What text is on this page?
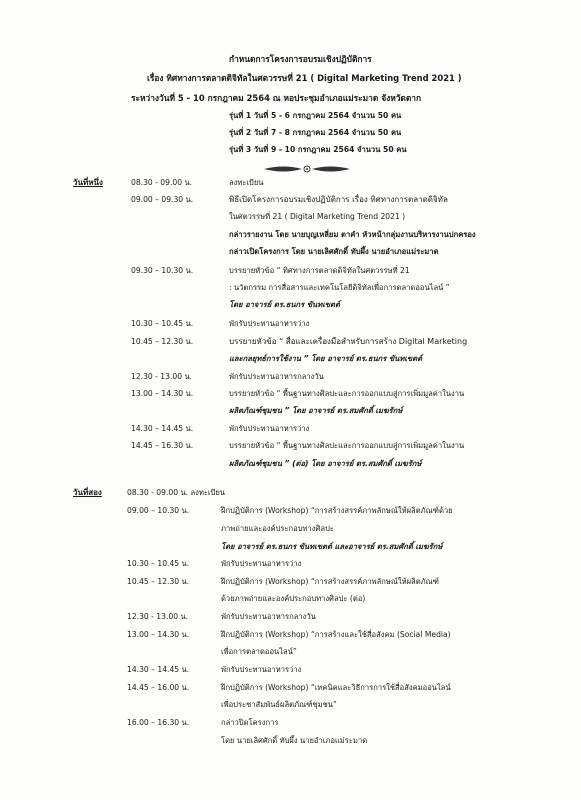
กำหนดการโครงการอบรมเชิงปฏิบัติการ
เรื่อง ทิศทางการตลาดดิจิทัลในศตวรรษที่ 21 ( Digital Marketing Trend 2021 )
ระหว่างวันที่ 5 - 10 กรกฎาคม 2564 ณ หอประชุมอำเภอแม่ระมาด จังหวัดตาก
รุ่นที่ 1 วันที่ 5 - 6 กรกฎาคม 2564 จำนวน 50 คน
รุ่นที่ 2 วันที่ 7 - 8 กรกฎาคม 2564 จำนวน 50 คน
รุ่นที่ 3 วันที่ 9 - 10 กรกฎาคม 2564 จำนวน 50 คน
วันที่หนึ่ง	08.30 - 09.00 น.	ลงทะเบียน
09.00 – 09.30 น.	พิธีเปิดโครงการอบรมเชิงปฏิบัติการ เรื่อง ทิศทางการตลาดดิจิทัล
ในศตวรรษที่ 21 ( Digital Marketing Trend 2021 )
กล่าวรายงาน โดย นายบุญเหลี่ยม ตาคำ หัวหน้ากลุ่มงานบริหารงานปกครอง
กล่าวเปิดโครงการ โดย นายเลิศศักดิ์ ทับผึ้ง นายอำเภอแม่ระมาด
09.30 – 10.30 น.	บรรยายหัวข้อ “ ทิศทางการตลาดดิจิทัลในศตวรรษที่ 21
: นวัตกรรม การสื่อสารและเทคโนโลยีดิจิทัลเพื่อการตลาดออนไลน์ ”
โดย อาจารย์ ดร.ธนกร ขันทเขตต์
10.30 – 10.45 น.	พักรับประทานอาหารว่าง
10.45 – 12.30 น.	บรรยายหัวข้อ “ สื่อและเครื่องมือสำหรับการสร้าง Digital Marketing
และกลยุทธ์การใช้งาน ” โดย อาจารย์ ดร.ธนกร ขันทเขตต์
12.30 - 13.00 น.	พักรับประทานอาหารกลางวัน
13.00 – 14.30 น.	บรรยายหัวข้อ “ พื้นฐานทางศิลปะและการออกแบบสู่การเพิ่มมูลค่าในงาน
ผลิตภัณฑ์ชุมชน ” โดย อาจารย์ ดร.สมศักดิ์ เมฆรักษ์
14.30 – 14.45 น.	พักรับประทานอาหารว่าง
14.45 – 16.30 น.	บรรยายหัวข้อ “ พื้นฐานทางศิลปะและการออกแบบสู่การเพิ่มมูลค่าในงาน
ผลิตภัณฑ์ชุมชน ” (ต่อ) โดย อาจารย์ ดร.สมศักดิ์ เมฆรักษ์
วันที่สอง	08.30 - 09.00 น. ลงทะเบียน
09.00 – 10.30 น.	ฝึกปฏิบัติการ (Workshop) “การสร้างสรรค์ภาพลักษณ์ให้ผลิตภัณฑ์ด้วย
ภาพถ่ายและองค์ประกอบทางศิลปะ
โดย อาจารย์ ดร.ธนกร ขันทเขตต์ และอาจารย์ ดร.สมศักดิ์ เมฆรักษ์
10.30 – 10.45 น.	พักรับประทานอาหารว่าง
10.45 – 12.30 น.	ฝึกปฏิบัติการ (Workshop) “การสร้างสรรค์ภาพลักษณ์ให้ผลิตภัณฑ์
ด้วยภาพถ่ายและองค์ประกอบทางศิลปะ (ต่อ)
12.30 - 13.00 น.	พักรับประทานอาหารกลางวัน
13.00 – 14.30 น.	ฝึกปฏิบัติการ (Workshop) “การสร้างและใช้สื่อสังคม (Social Media)
เพื่อการตลาดออนไลน์”
14.30 – 14.45 น.	พักรับประทานอาหารว่าง
14.45 – 16.00 น.	ฝึกปฏิบัติการ (Workshop) “เทคนิคและวิธีการการใช้สื่อสังคมออนไลน์
เพื่อประชาสัมพันธ์ผลิตภัณฑ์ชุมชน”
16.00 – 16.30 น.	กล่าวปิดโครงการ
โดย นายเลิศศักดิ์ ทับผึ้ง นายอำเภอแม่ระมาด
